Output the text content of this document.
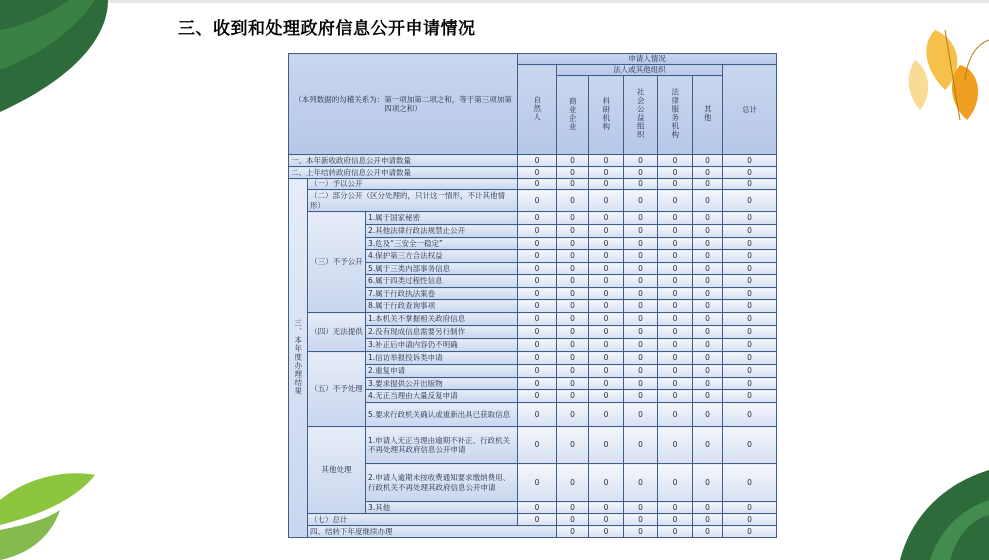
三、收到和处理政府信息公开申请情况
（本列数据的勾稽关系为：第一项加第二项之和，等于第三项加第四项之和）			申请人情况							
			自然人	法人或其他组织					总计	
				商业企业	科研机构	社会公益组织	法律服务机构	其他		
一、本年新收政府信息公开申请数量			0	0	0	0	0	0	0	
二、上年结转政府信息公开申请数量			0	0	0	0	0	0	0	
三、本年度办理结果	（一）予以公开		0	0	0	0	0	0	0	
	（二）部分公开（区分处理的，只计这一情形，不计其他情形）		0	0	0	0	0	0	0	
	（三）不予公开	1.属于国家秘密	0	0	0	0	0	0	0	
		2.其他法律行政法规禁止公开	0	0	0	0	0	0	0	
		3.危及“三安全一稳定”	0	0	0	0	0	0	0	
		4.保护第三方合法权益	0	0	0	0	0	0	0	
		5.属于三类内部事务信息	0	0	0	0	0	0	0	
		6.属于四类过程性信息	0	0	0	0	0	0	0	
		7.属于行政执法案卷	0	0	0	0	0	0	0	
		8.属于行政查询事项	0	0	0	0	0	0	0	
	（四）无法提供	1.本机关不掌握相关政府信息	0	0	0	0	0	0	0	
		2.没有现成信息需要另行制作	0	0	0	0	0	0	0	
		3.补正后申请内容仍不明确	0	0	0	0	0	0	0	
	（五）不予处理	1.信访举报投诉类申请	0	0	0	0	0	0	0	
		2.重复申请	0	0	0	0	0	0	0	
		3.要求提供公开出版物	0	0	0	0	0	0	0	
		4.无正当理由大量反复申请	0	0	0	0	0	0	0	
		5.要求行政机关确认或重新出具已获取信息	0	0	0	0	0	0	0	
	其他处理	1.申请人无正当理由逾期不补正、行政机关不再处理其政府信息公开申请	0	0	0	0	0	0	0	
		2.申请人逾期未按收费通知要求缴纳费用、行政机关不再处理其政府信息公开申请	0	0	0	0	0	0	0	
		3.其他	0	0	0	0	0	0	0	
	（七）总计		0	0	0	0	0	0	0	
	四、结转下年度继续办理			0	0	0	0	0	0	
